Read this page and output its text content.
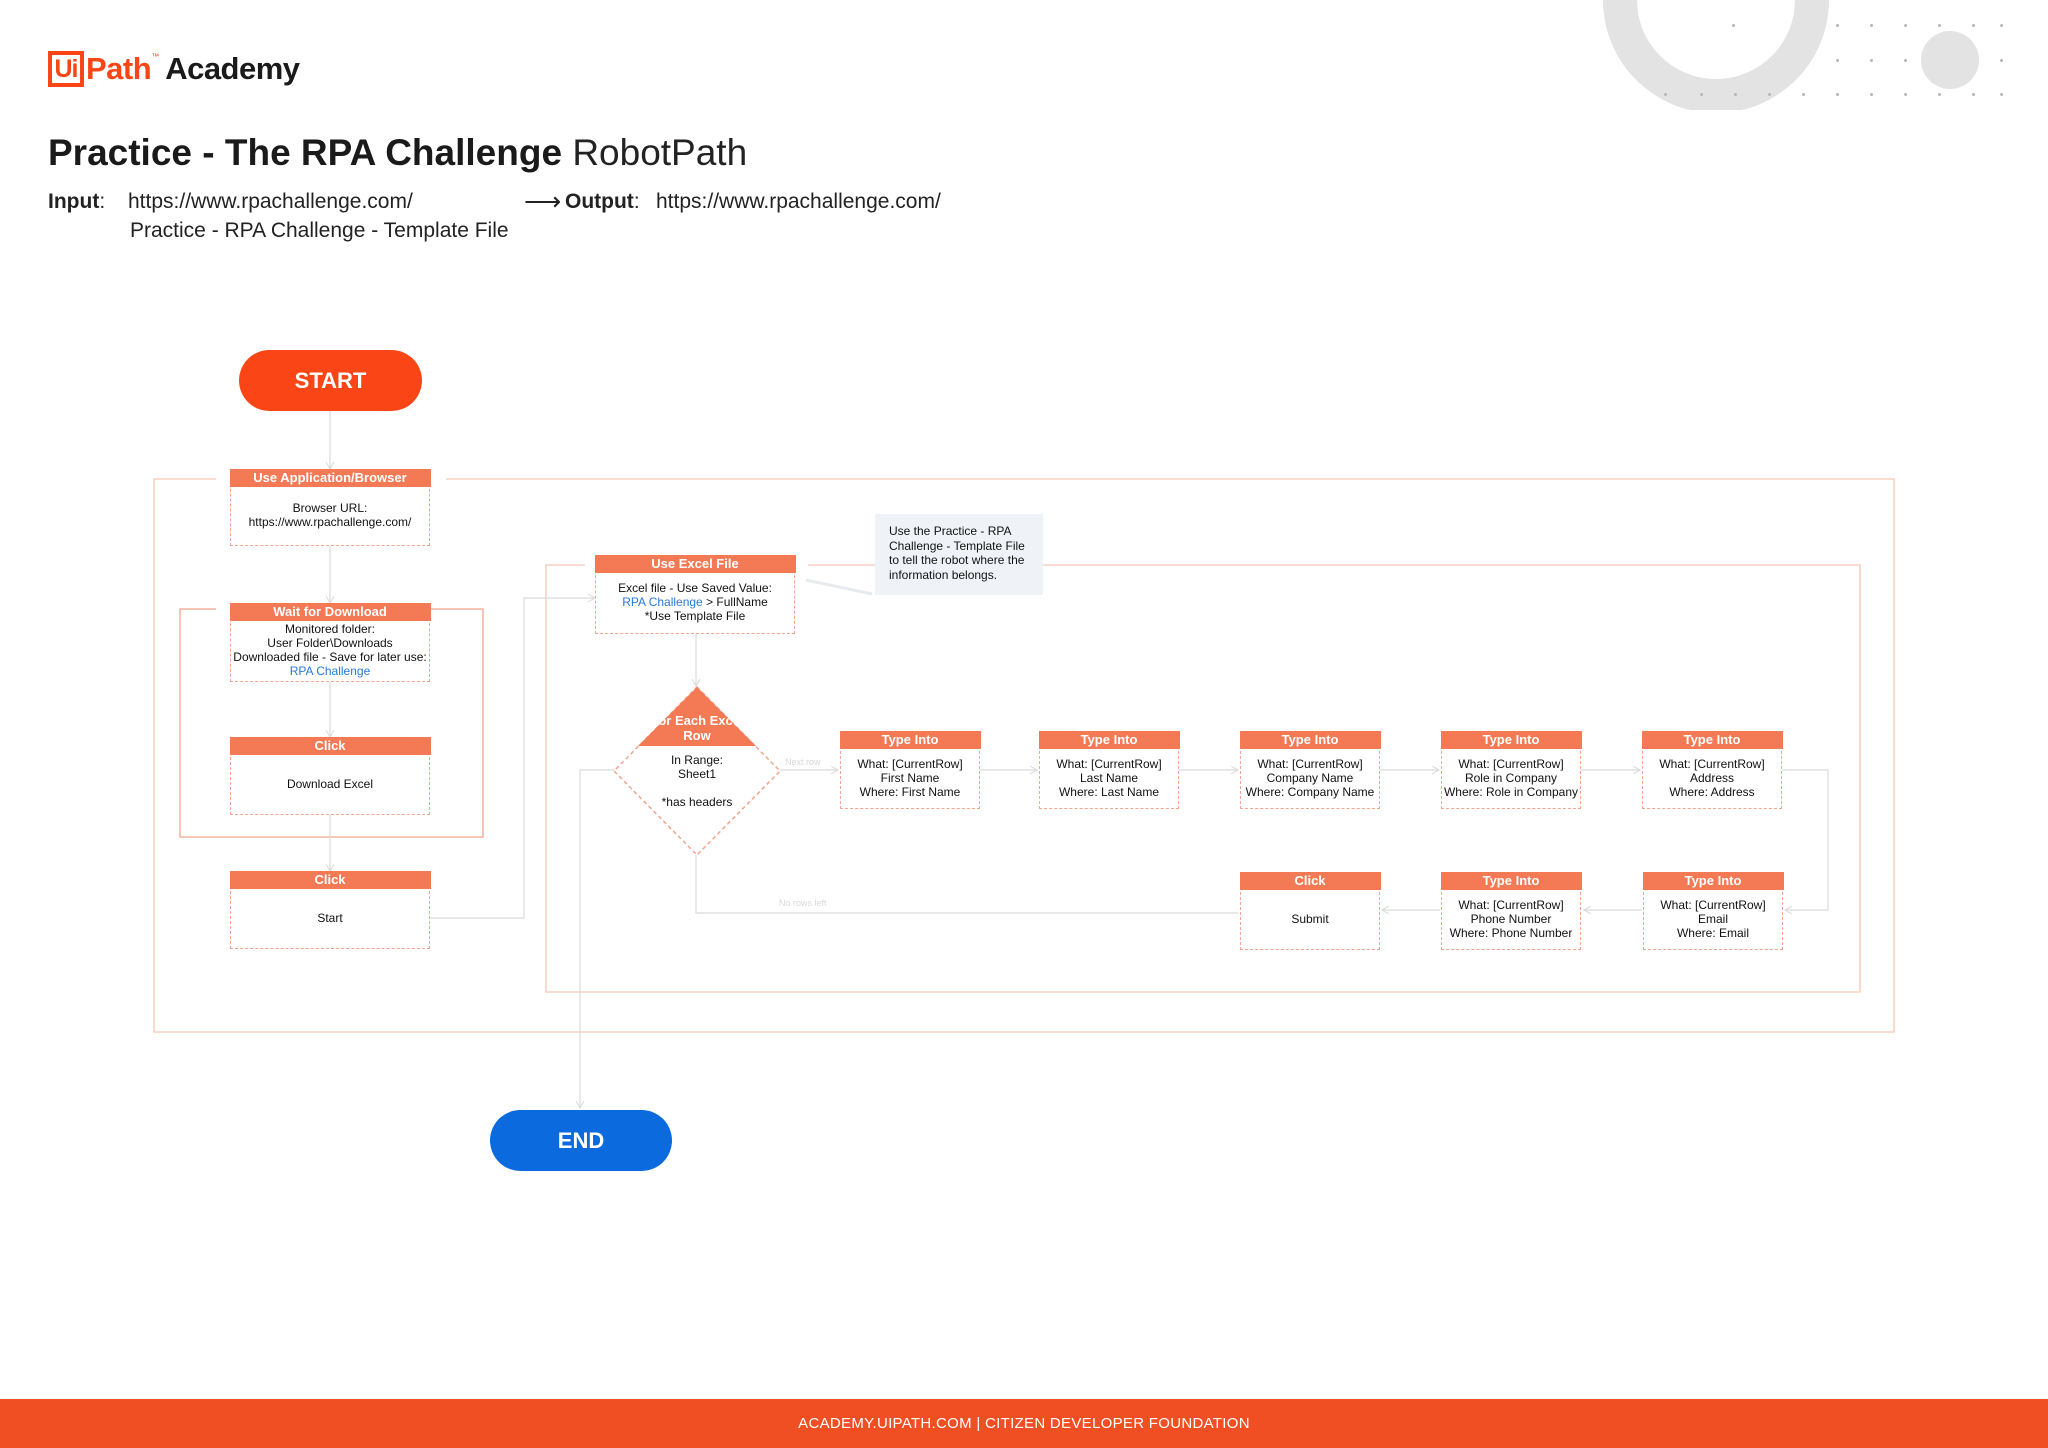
Ui Path ™ Academy
Practice - The RPA Challenge RobotPath
Input: https://www.rpachallenge.com/
Practice - RPA Challenge - Template File
⟶ Output: https://www.rpachallenge.com/
START
END
Use Application/Browser
Browser URL:
https://www.rpachallenge.com/
Wait for Download
Monitored folder:
User Folder\Downloads
Downloaded file - Save for later use:
RPA Challenge
Click
Download Excel
Click
Start
Use Excel File
Excel file - Use Saved Value:
RPA Challenge > FullName
*Use Template File
Use the Practice - RPA Challenge - Template File to tell the robot where the information belongs.
For Each Excel Row
In Range:
Sheet1
*has headers
Next row
No rows left
Type Into
What: [CurrentRow]
First Name
Where: First Name
Type Into
What: [CurrentRow]
Last Name
Where: Last Name
Type Into
What: [CurrentRow]
Company Name
Where: Company Name
Type Into
What: [CurrentRow]
Role in Company
Where: Role in Company
Type Into
What: [CurrentRow]
Address
Where: Address
Click
Submit
Type Into
What: [CurrentRow]
Phone Number
Where: Phone Number
Type Into
What: [CurrentRow]
Email
Where: Email
ACADEMY.UIPATH.COM | CITIZEN DEVELOPER FOUNDATION
